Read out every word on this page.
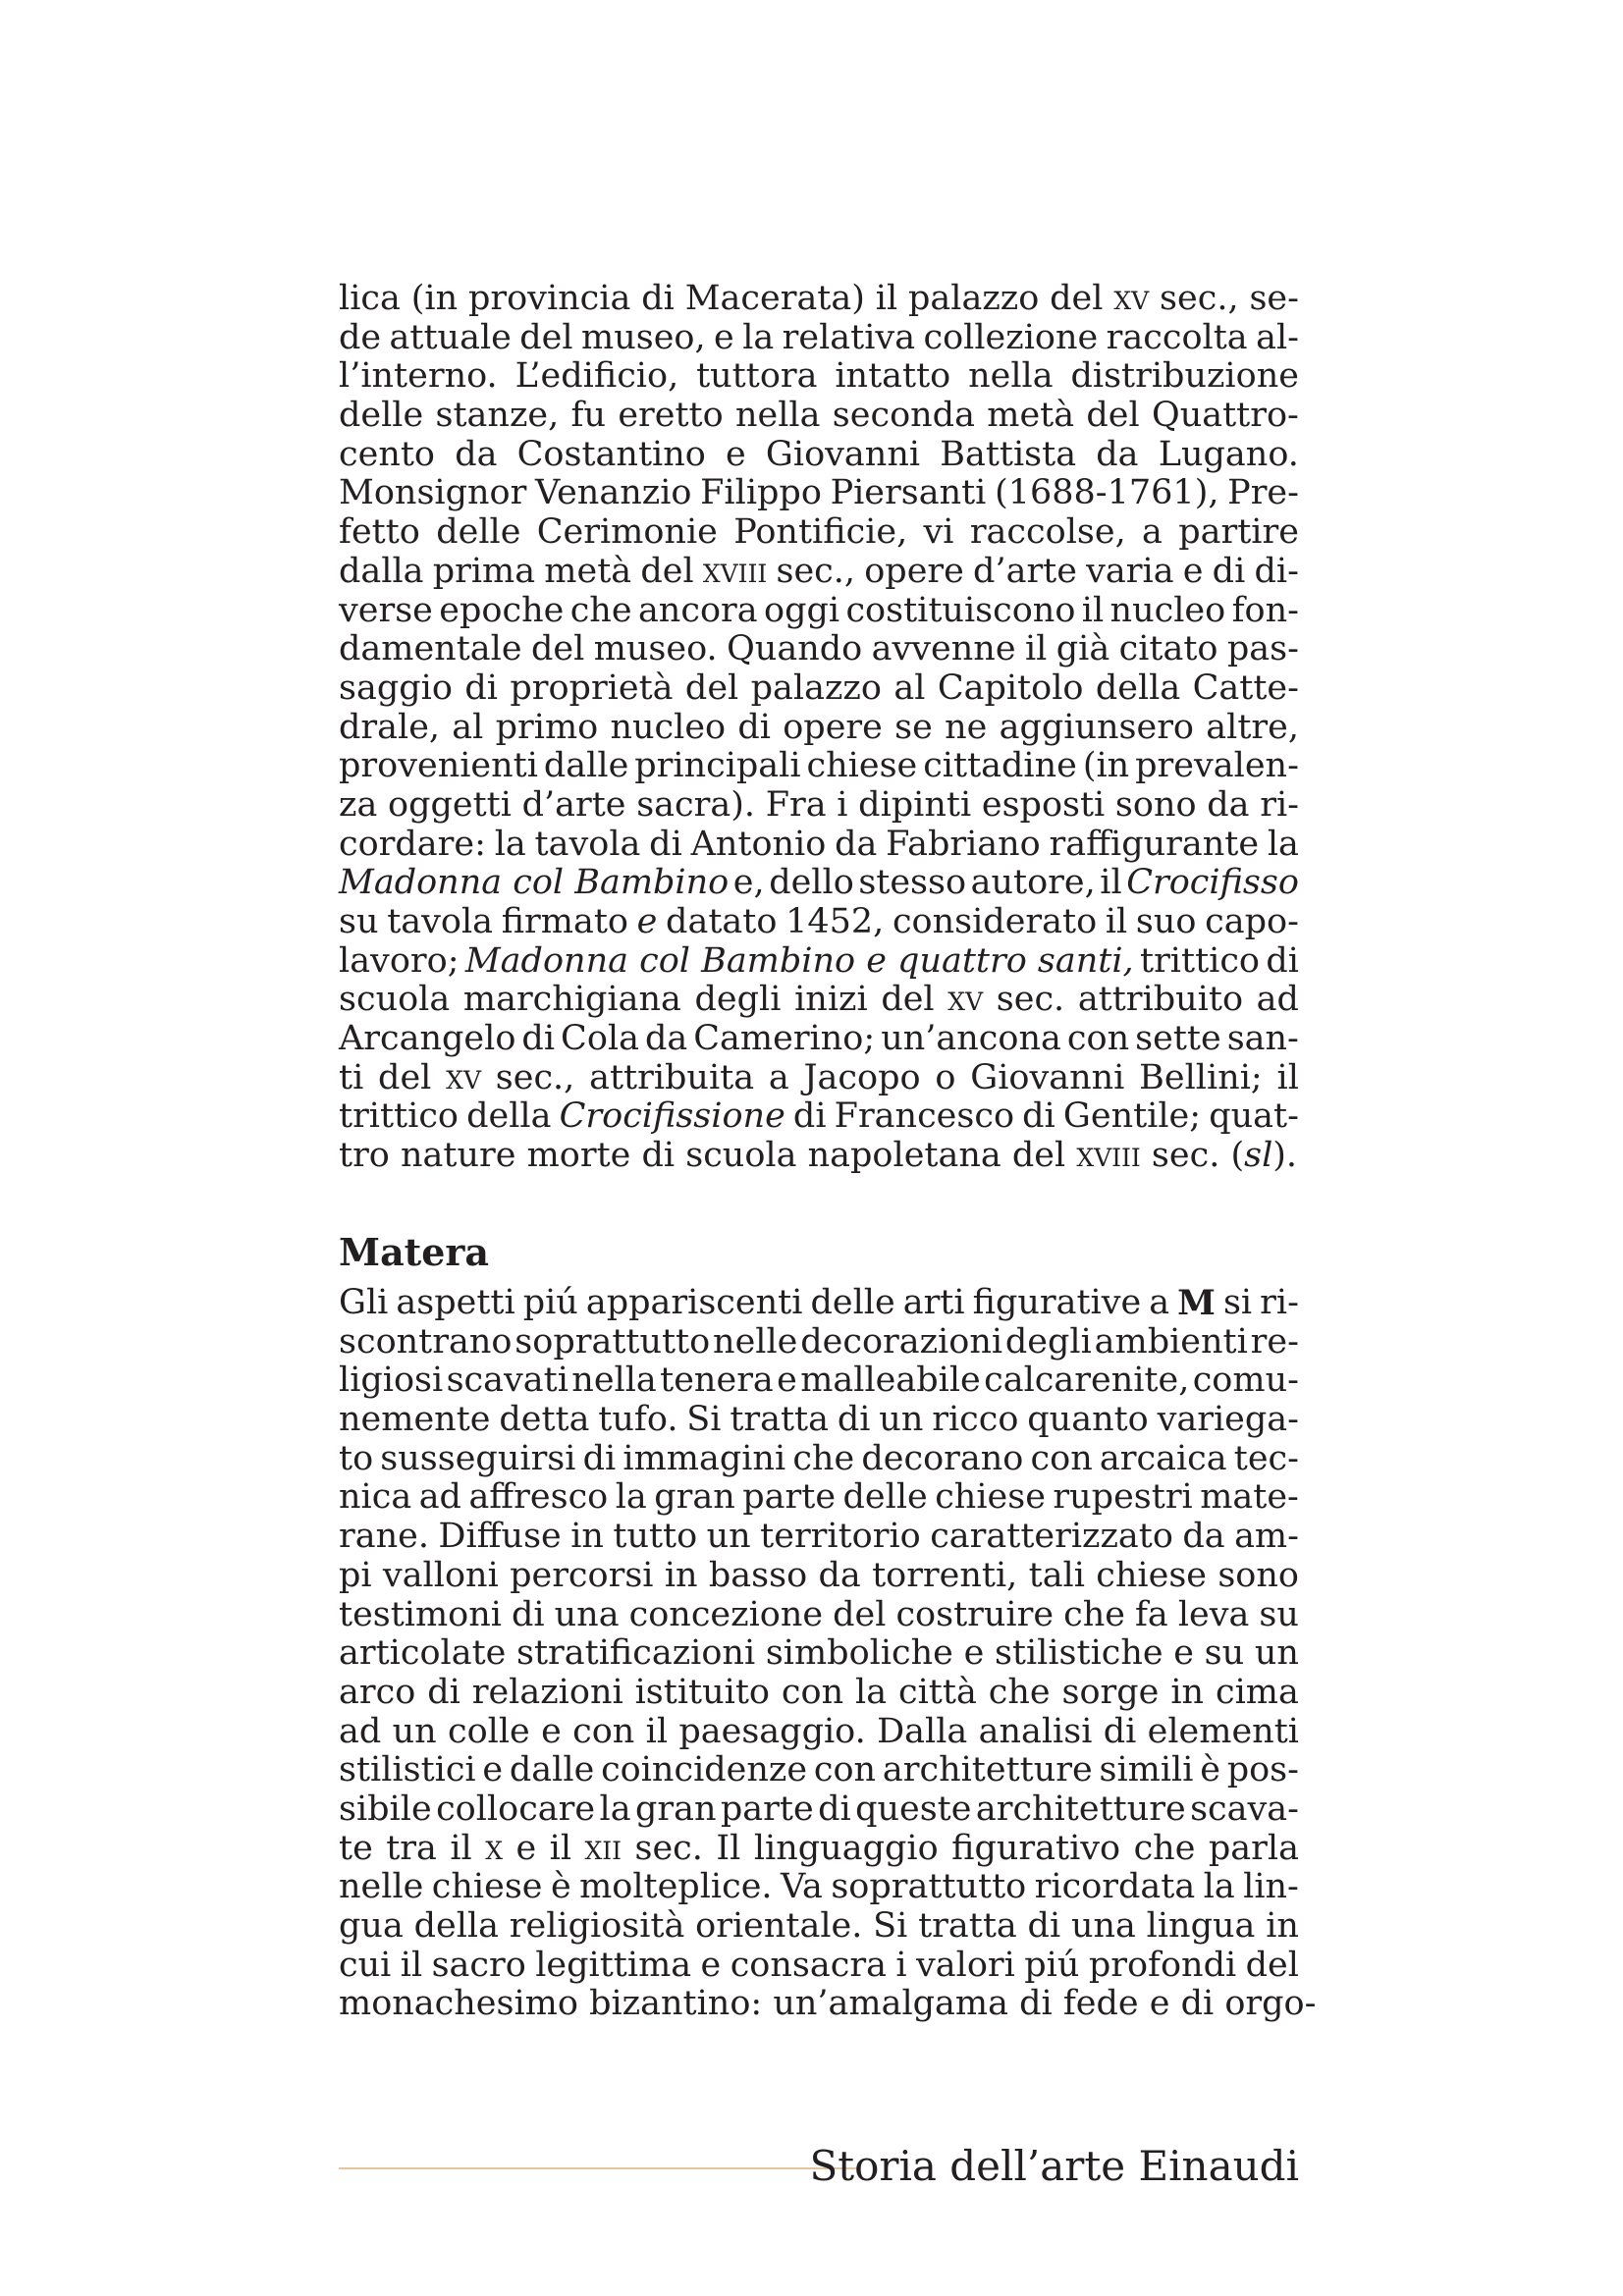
lica (in provincia di Macerata) il palazzo del xv sec., se-
de attuale del museo, e la relativa collezione raccolta al-
l’interno. L’edificio, tuttora intatto nella distribuzione
delle stanze, fu eretto nella seconda metà del Quattro-
cento da Costantino e Giovanni Battista da Lugano.
Monsignor Venanzio Filippo Piersanti (1688-1761), Pre-
fetto delle Cerimonie Pontificie, vi raccolse, a partire
dalla prima metà del xviii sec., opere d’arte varia e di di-
verse epoche che ancora oggi costituiscono il nucleo fon-
damentale del museo. Quando avvenne il già citato pas-
saggio di proprietà del palazzo al Capitolo della Catte-
drale, al primo nucleo di opere se ne aggiunsero altre,
provenienti dalle principali chiese cittadine (in prevalen-
za oggetti d’arte sacra). Fra i dipinti esposti sono da ri-
cordare: la tavola di Antonio da Fabriano raffigurante la
Madonna col Bambino e, dello stesso autore, il Crocifisso
su tavola firmato e datato 1452, considerato il suo capo-
lavoro; Madonna col Bambino e quattro santi, trittico di
scuola marchigiana degli inizi del xv sec. attribuito ad
Arcangelo di Cola da Camerino; un’ancona con sette san-
ti del xv sec., attribuita a Jacopo o Giovanni Bellini; il
trittico della Crocifissione di Francesco di Gentile; quat-
tro nature morte di scuola napoletana del xviii sec. (sl).
Matera
Gli aspetti piú appariscenti delle arti figurative a M si ri-
scontrano soprattutto nelle decorazioni degli ambienti re-
ligiosi scavati nella tenera e malleabile calcarenite, comu-
nemente detta tufo. Si tratta di un ricco quanto variega-
to susseguirsi di immagini che decorano con arcaica tec-
nica ad affresco la gran parte delle chiese rupestri mate-
rane. Diffuse in tutto un territorio caratterizzato da am-
pi valloni percorsi in basso da torrenti, tali chiese sono
testimoni di una concezione del costruire che fa leva su
articolate stratificazioni simboliche e stilistiche e su un
arco di relazioni istituito con la città che sorge in cima
ad un colle e con il paesaggio. Dalla analisi di elementi
stilistici e dalle coincidenze con architetture simili è pos-
sibile collocare la gran parte di queste architetture scava-
te tra il x e il xii sec. Il linguaggio figurativo che parla
nelle chiese è molteplice. Va soprattutto ricordata la lin-
gua della religiosità orientale. Si tratta di una lingua in
cui il sacro legittima e consacra i valori piú profondi del
monachesimo bizantino: un’amalgama di fede e di orgo-
Storia dell’arte Einaudi
